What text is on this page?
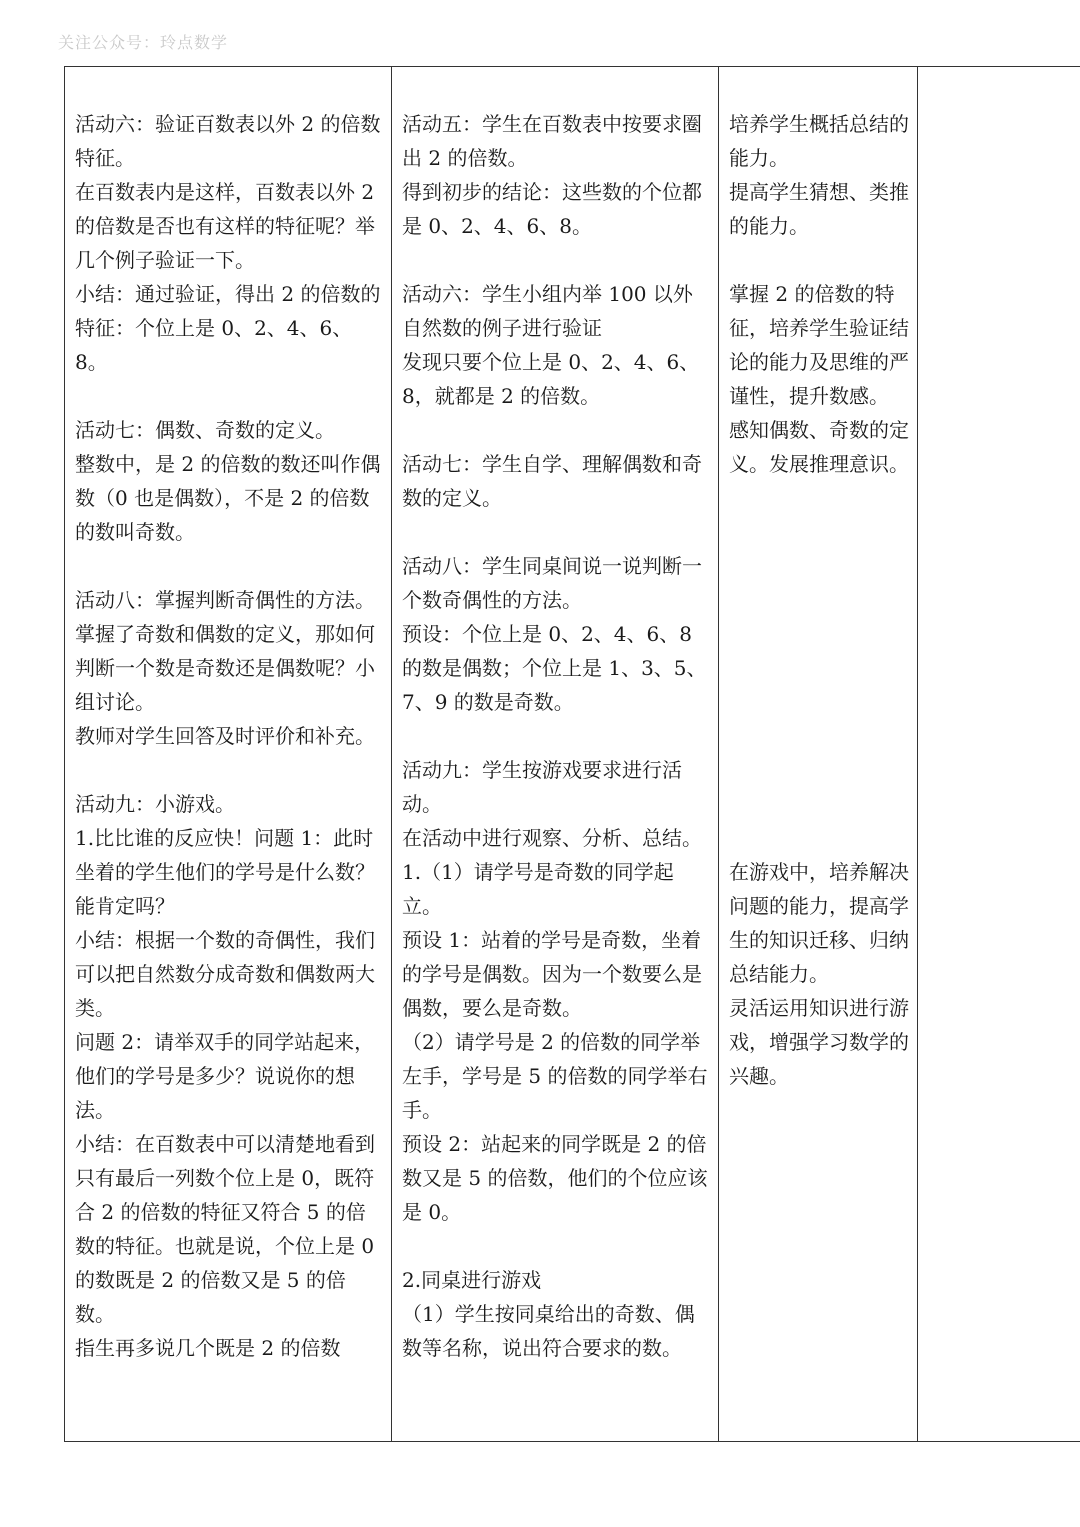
关注公众号：玲点数学
活动六：验证百数表以外 2 的倍数特征。
在百数表内是这样，百数表以外 2 的倍数是否也有这样的特征呢？举几个例子验证一下。
小结：通过验证，得出 2 的倍数的特征：个位上是 0、2、4、6、8。
活动七：偶数、奇数的定义。
整数中，是 2 的倍数的数还叫作偶数（0 也是偶数），不是 2 的倍数的数叫奇数。
活动八：掌握判断奇偶性的方法。
掌握了奇数和偶数的定义，那如何判断一个数是奇数还是偶数呢？小组讨论。
教师对学生回答及时评价和补充。
活动九：小游戏。
1.比比谁的反应快！问题 1：此时坐着的学生他们的学号是什么数？能肯定吗？
小结：根据一个数的奇偶性，我们可以把自然数分成奇数和偶数两大类。
问题 2：请举双手的同学站起来，他们的学号是多少？说说你的想法。
小结：在百数表中可以清楚地看到只有最后一列数个位上是 0，既符合 2 的倍数的特征又符合 5 的倍数的特征。也就是说，个位上是 0 的数既是 2 的倍数又是 5 的倍数。
指生再多说几个既是 2 的倍数

活动五：学生在百数表中按要求圈出 2 的倍数。
得到初步的结论：这些数的个位都是 0、2、4、6、8。
活动六：学生小组内举 100 以外自然数的例子进行验证
发现只要个位上是 0、2、4、6、8，就都是 2 的倍数。
活动七：学生自学、理解偶数和奇数的定义。
活动八：学生同桌间说一说判断一个数奇偶性的方法。
预设：个位上是 0、2、4、6、8 的数是偶数；个位上是 1、3、5、7、9 的数是奇数。
活动九：学生按游戏要求进行活动。
在活动中进行观察、分析、总结。
1.（1）请学号是奇数的同学起立。
预设 1：站着的学号是奇数，坐着的学号是偶数。因为一个数要么是偶数，要么是奇数。
（2）请学号是 2 的倍数的同学举左手，学号是 5 的倍数的同学举右手。
预设 2：站起来的同学既是 2 的倍数又是 5 的倍数，他们的个位应该是 0。
2.同桌进行游戏
（1）学生按同桌给出的奇数、偶数等名称，说出符合要求的数。

培养学生概括总结的能力。
提高学生猜想、类推的能力。
掌握 2 的倍数的特征，培养学生验证结论的能力及思维的严谨性，提升数感。
感知偶数、奇数的定义。发展推理意识。
在游戏中，培养解决问题的能力，提高学生的知识迁移、归纳总结能力。
灵活运用知识进行游戏，增强学习数学的兴趣。
